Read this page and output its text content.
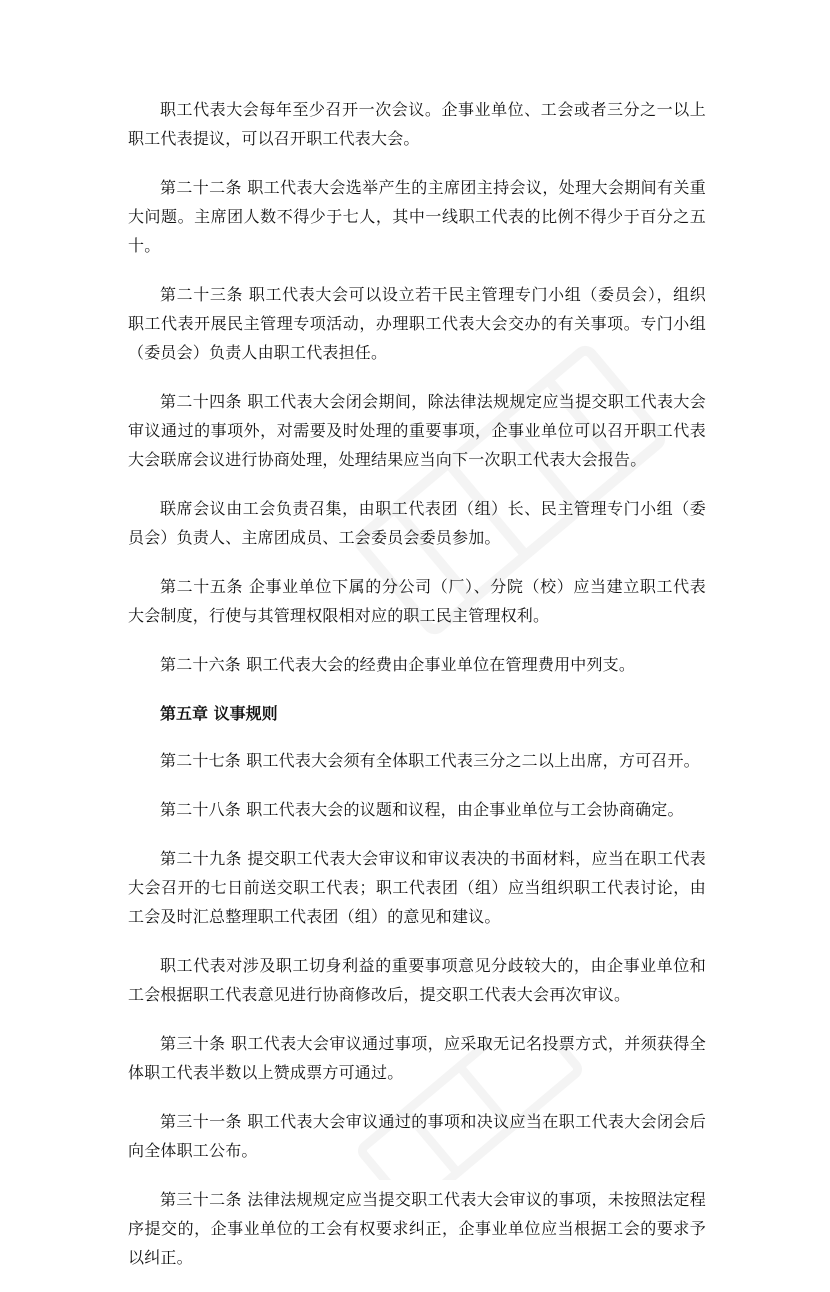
职工代表大会每年至少召开一次会议。企事业单位、工会或者三分之一以上职工代表提议，可以召开职工代表大会。

第二十二条 职工代表大会选举产生的主席团主持会议，处理大会期间有关重大问题。主席团人数不得少于七人，其中一线职工代表的比例不得少于百分之五十。

第二十三条 职工代表大会可以设立若干民主管理专门小组（委员会），组织职工代表开展民主管理专项活动，办理职工代表大会交办的有关事项。专门小组（委员会）负责人由职工代表担任。

第二十四条 职工代表大会闭会期间，除法律法规规定应当提交职工代表大会审议通过的事项外，对需要及时处理的重要事项，企事业单位可以召开职工代表大会联席会议进行协商处理，处理结果应当向下一次职工代表大会报告。

联席会议由工会负责召集，由职工代表团（组）长、民主管理专门小组（委员会）负责人、主席团成员、工会委员会委员参加。

第二十五条 企事业单位下属的分公司（厂）、分院（校）应当建立职工代表大会制度，行使与其管理权限相对应的职工民主管理权利。

第二十六条 职工代表大会的经费由企事业单位在管理费用中列支。

第五章 议事规则

第二十七条 职工代表大会须有全体职工代表三分之二以上出席，方可召开。

第二十八条 职工代表大会的议题和议程，由企事业单位与工会协商确定。

第二十九条 提交职工代表大会审议和审议表决的书面材料，应当在职工代表大会召开的七日前送交职工代表；职工代表团（组）应当组织职工代表讨论，由工会及时汇总整理职工代表团（组）的意见和建议。

职工代表对涉及职工切身利益的重要事项意见分歧较大的，由企事业单位和工会根据职工代表意见进行协商修改后，提交职工代表大会再次审议。

第三十条 职工代表大会审议通过事项，应采取无记名投票方式，并须获得全体职工代表半数以上赞成票方可通过。

第三十一条 职工代表大会审议通过的事项和决议应当在职工代表大会闭会后向全体职工公布。

第三十二条 法律法规规定应当提交职工代表大会审议的事项，未按照法定程序提交的，企事业单位的工会有权要求纠正，企事业单位应当根据工会的要求予以纠正。
